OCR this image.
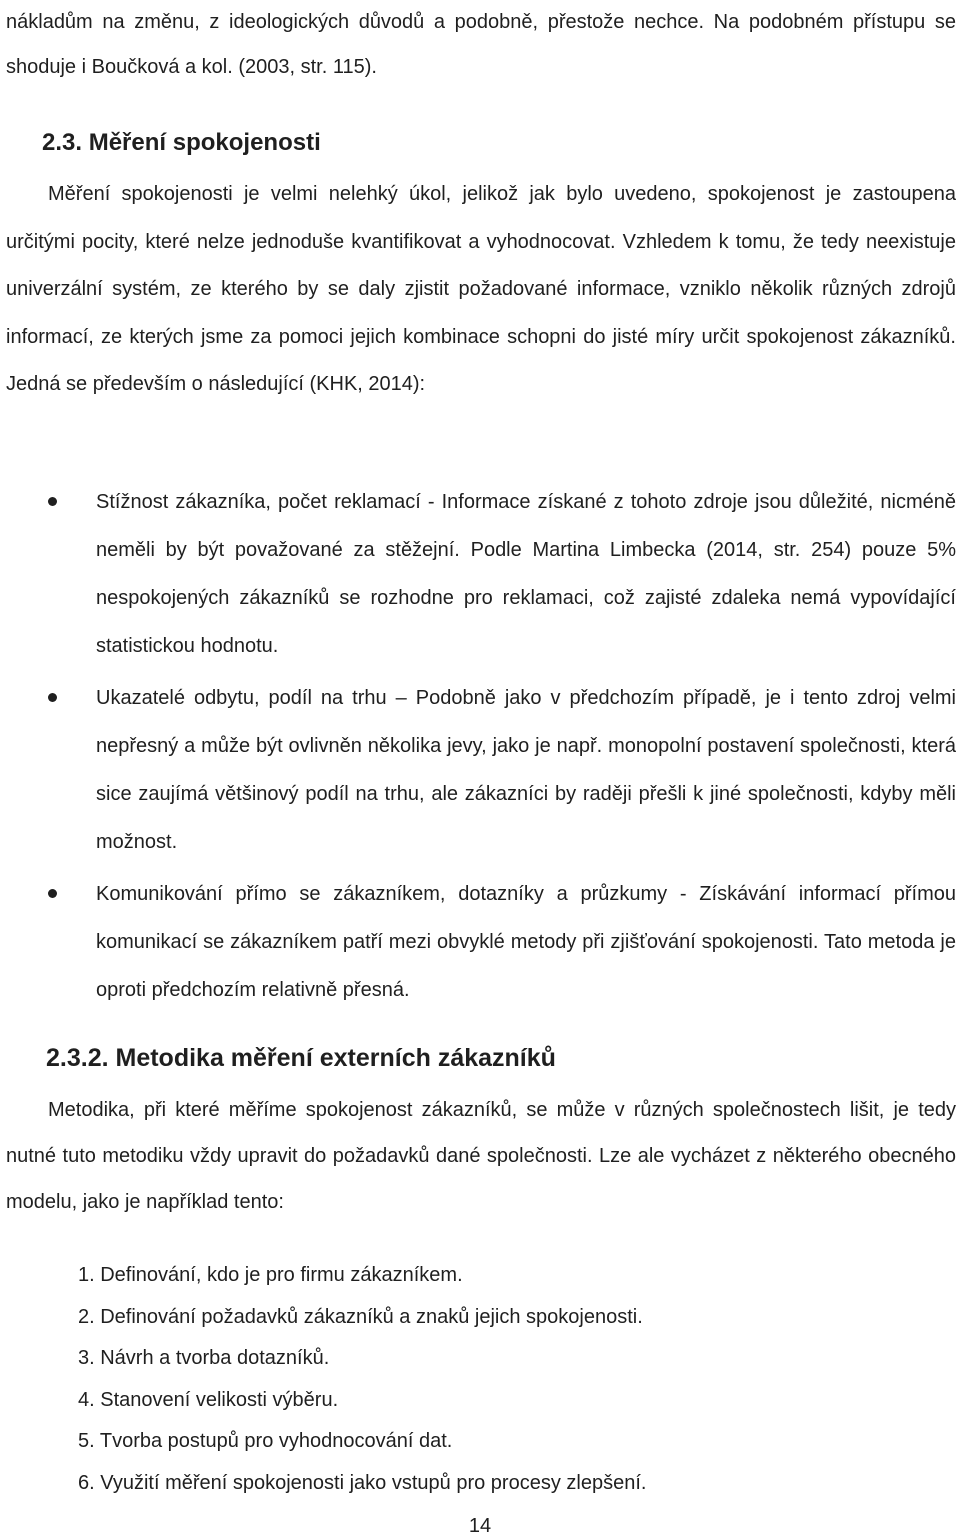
nákladům na změnu, z ideologických důvodů a podobně, přestože nechce. Na podobném přístupu se shoduje i Boučková a kol. (2003, str. 115).

2.3. Měření spokojenosti

Měření spokojenosti je velmi nelehký úkol, jelikož jak bylo uvedeno, spokojenost je zastoupena určitými pocity, které nelze jednoduše kvantifikovat a vyhodnocovat. Vzhledem k tomu, že tedy neexistuje univerzální systém, ze kterého by se daly zjistit požadované informace, vzniklo několik různých zdrojů informací, ze kterých jsme za pomoci jejich kombinace schopni do jisté míry určit spokojenost zákazníků. Jedná se především o následující (KHK, 2014):

Stížnost zákazníka, počet reklamací - Informace získané z tohoto zdroje jsou důležité, nicméně neměli by být považované za stěžejní. Podle Martina Limbecka (2014, str. 254) pouze 5% nespokojených zákazníků se rozhodne pro reklamaci, což zajisté zdaleka nemá vypovídající statistickou hodnotu.
Ukazatelé odbytu, podíl na trhu – Podobně jako v předchozím případě, je i tento zdroj velmi nepřesný a může být ovlivněn několika jevy, jako je např. monopolní postavení společnosti, která sice zaujímá většinový podíl na trhu, ale zákazníci by raději přešli k jiné společnosti, kdyby měli možnost.
Komunikování přímo se zákazníkem, dotazníky a průzkumy - Získávání informací přímou komunikací se zákazníkem patří mezi obvyklé metody při zjišťování spokojenosti. Tato metoda je oproti předchozím relativně přesná.
2.3.2. Metodika měření externích zákazníků

Metodika, při které měříme spokojenost zákazníků, se může v různých společnostech lišit, je tedy nutné tuto metodiku vždy upravit do požadavků dané společnosti. Lze ale vycházet z některého obecného modelu, jako je například tento:

1. Definování, kdo je pro firmu zákazníkem.
2. Definování požadavků zákazníků a znaků jejich spokojenosti.
3. Návrh a tvorba dotazníků.
4. Stanovení velikosti výběru.
5. Tvorba postupů pro vyhodnocování dat.
6. Využití měření spokojenosti jako vstupů pro procesy zlepšení.
14
